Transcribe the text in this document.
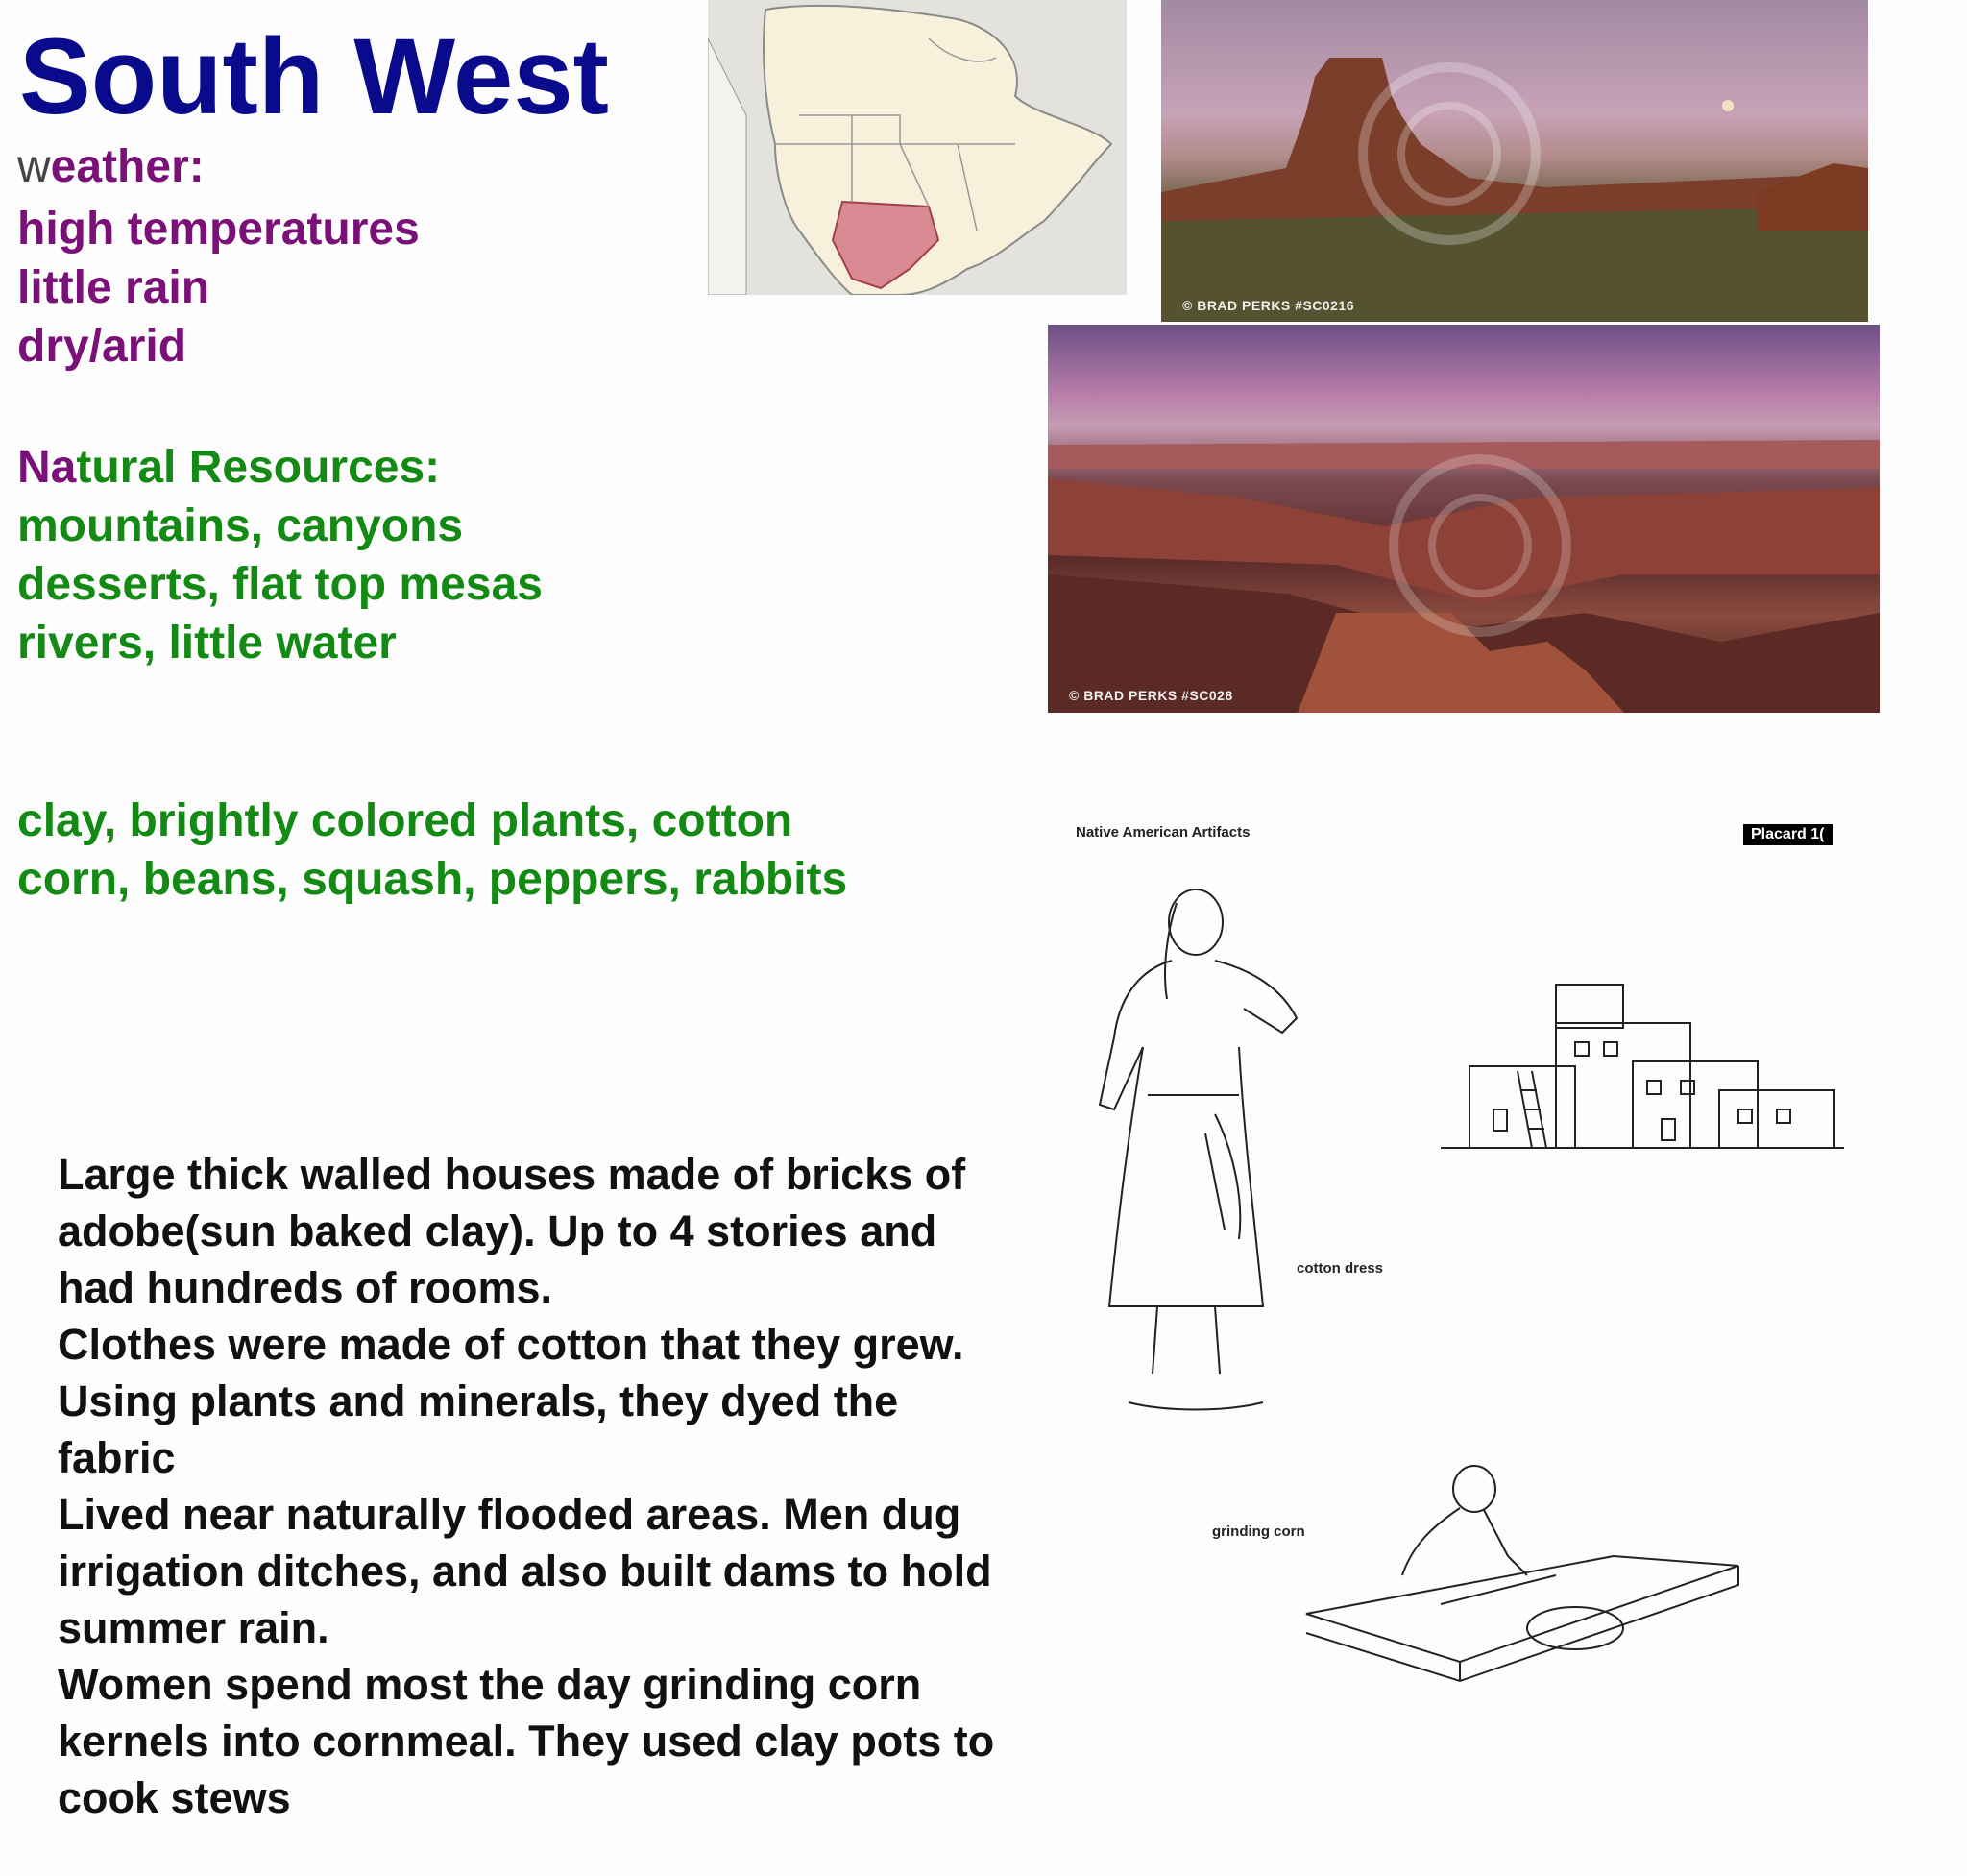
South West
weather:
high temperatures
little rain
dry/arid
Natural Resources:
mountains, canyons
desserts, flat top mesas
rivers, little water
clay, brightly colored plants, cotton
corn, beans, squash, peppers, rabbits
Large thick walled houses made of bricks of
adobe(sun baked clay). Up to 4 stories and
had hundreds of rooms.
Clothes were made of cotton that they grew.
Using plants and minerals, they dyed the
fabric
Lived near naturally flooded areas. Men dug
irrigation ditches, and also built dams to hold
summer rain.
Women spend most the day grinding corn
kernels into cornmeal. They used clay pots to
cook stews
© BRAD PERKS #SC0216
© BRAD PERKS #SC028
Native American Artifacts	Placard 1(
cotton dress
grinding corn
